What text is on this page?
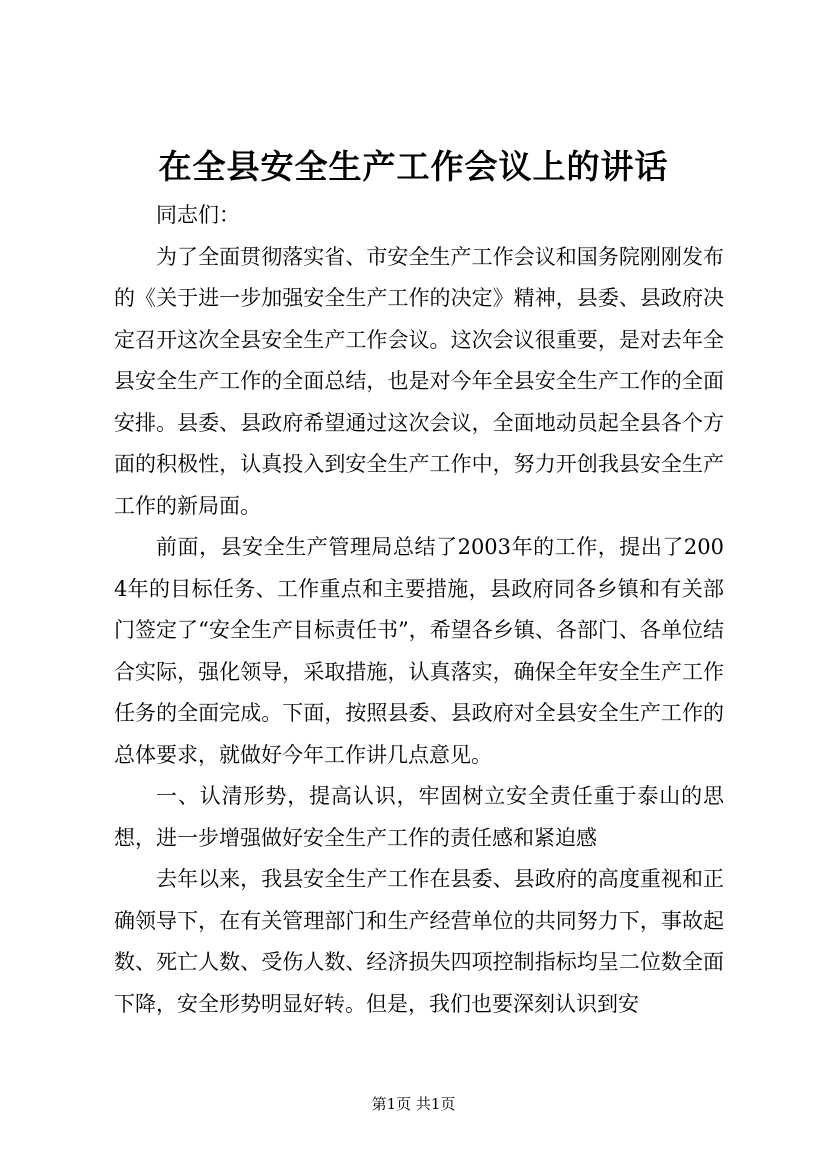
在全县安全生产工作会议上的讲话

同志们：

为了全面贯彻落实省、市安全生产工作会议和国务院刚刚发布的《关于进一步加强安全生产工作的决定》精神，县委、县政府决定召开这次全县安全生产工作会议。这次会议很重要，是对去年全县安全生产工作的全面总结，也是对今年全县安全生产工作的全面安排。县委、县政府希望通过这次会议，全面地动员起全县各个方面的积极性，认真投入到安全生产工作中，努力开创我县安全生产工作的新局面。

前面，县安全生产管理局总结了2003年的工作，提出了2004年的目标任务、工作重点和主要措施，县政府同各乡镇和有关部门签定了“安全生产目标责任书”，希望各乡镇、各部门、各单位结合实际，强化领导，采取措施，认真落实，确保全年安全生产工作任务的全面完成。下面，按照县委、县政府对全县安全生产工作的总体要求，就做好今年工作讲几点意见。

一、认清形势，提高认识，牢固树立安全责任重于泰山的思想，进一步增强做好安全生产工作的责任感和紧迫感

去年以来，我县安全生产工作在县委、县政府的高度重视和正确领导下，在有关管理部门和生产经营单位的共同努力下，事故起数、死亡人数、受伤人数、经济损失四项控制指标均呈二位数全面下降，安全形势明显好转。但是，我们也要深刻认识到安

第1页 共1页
